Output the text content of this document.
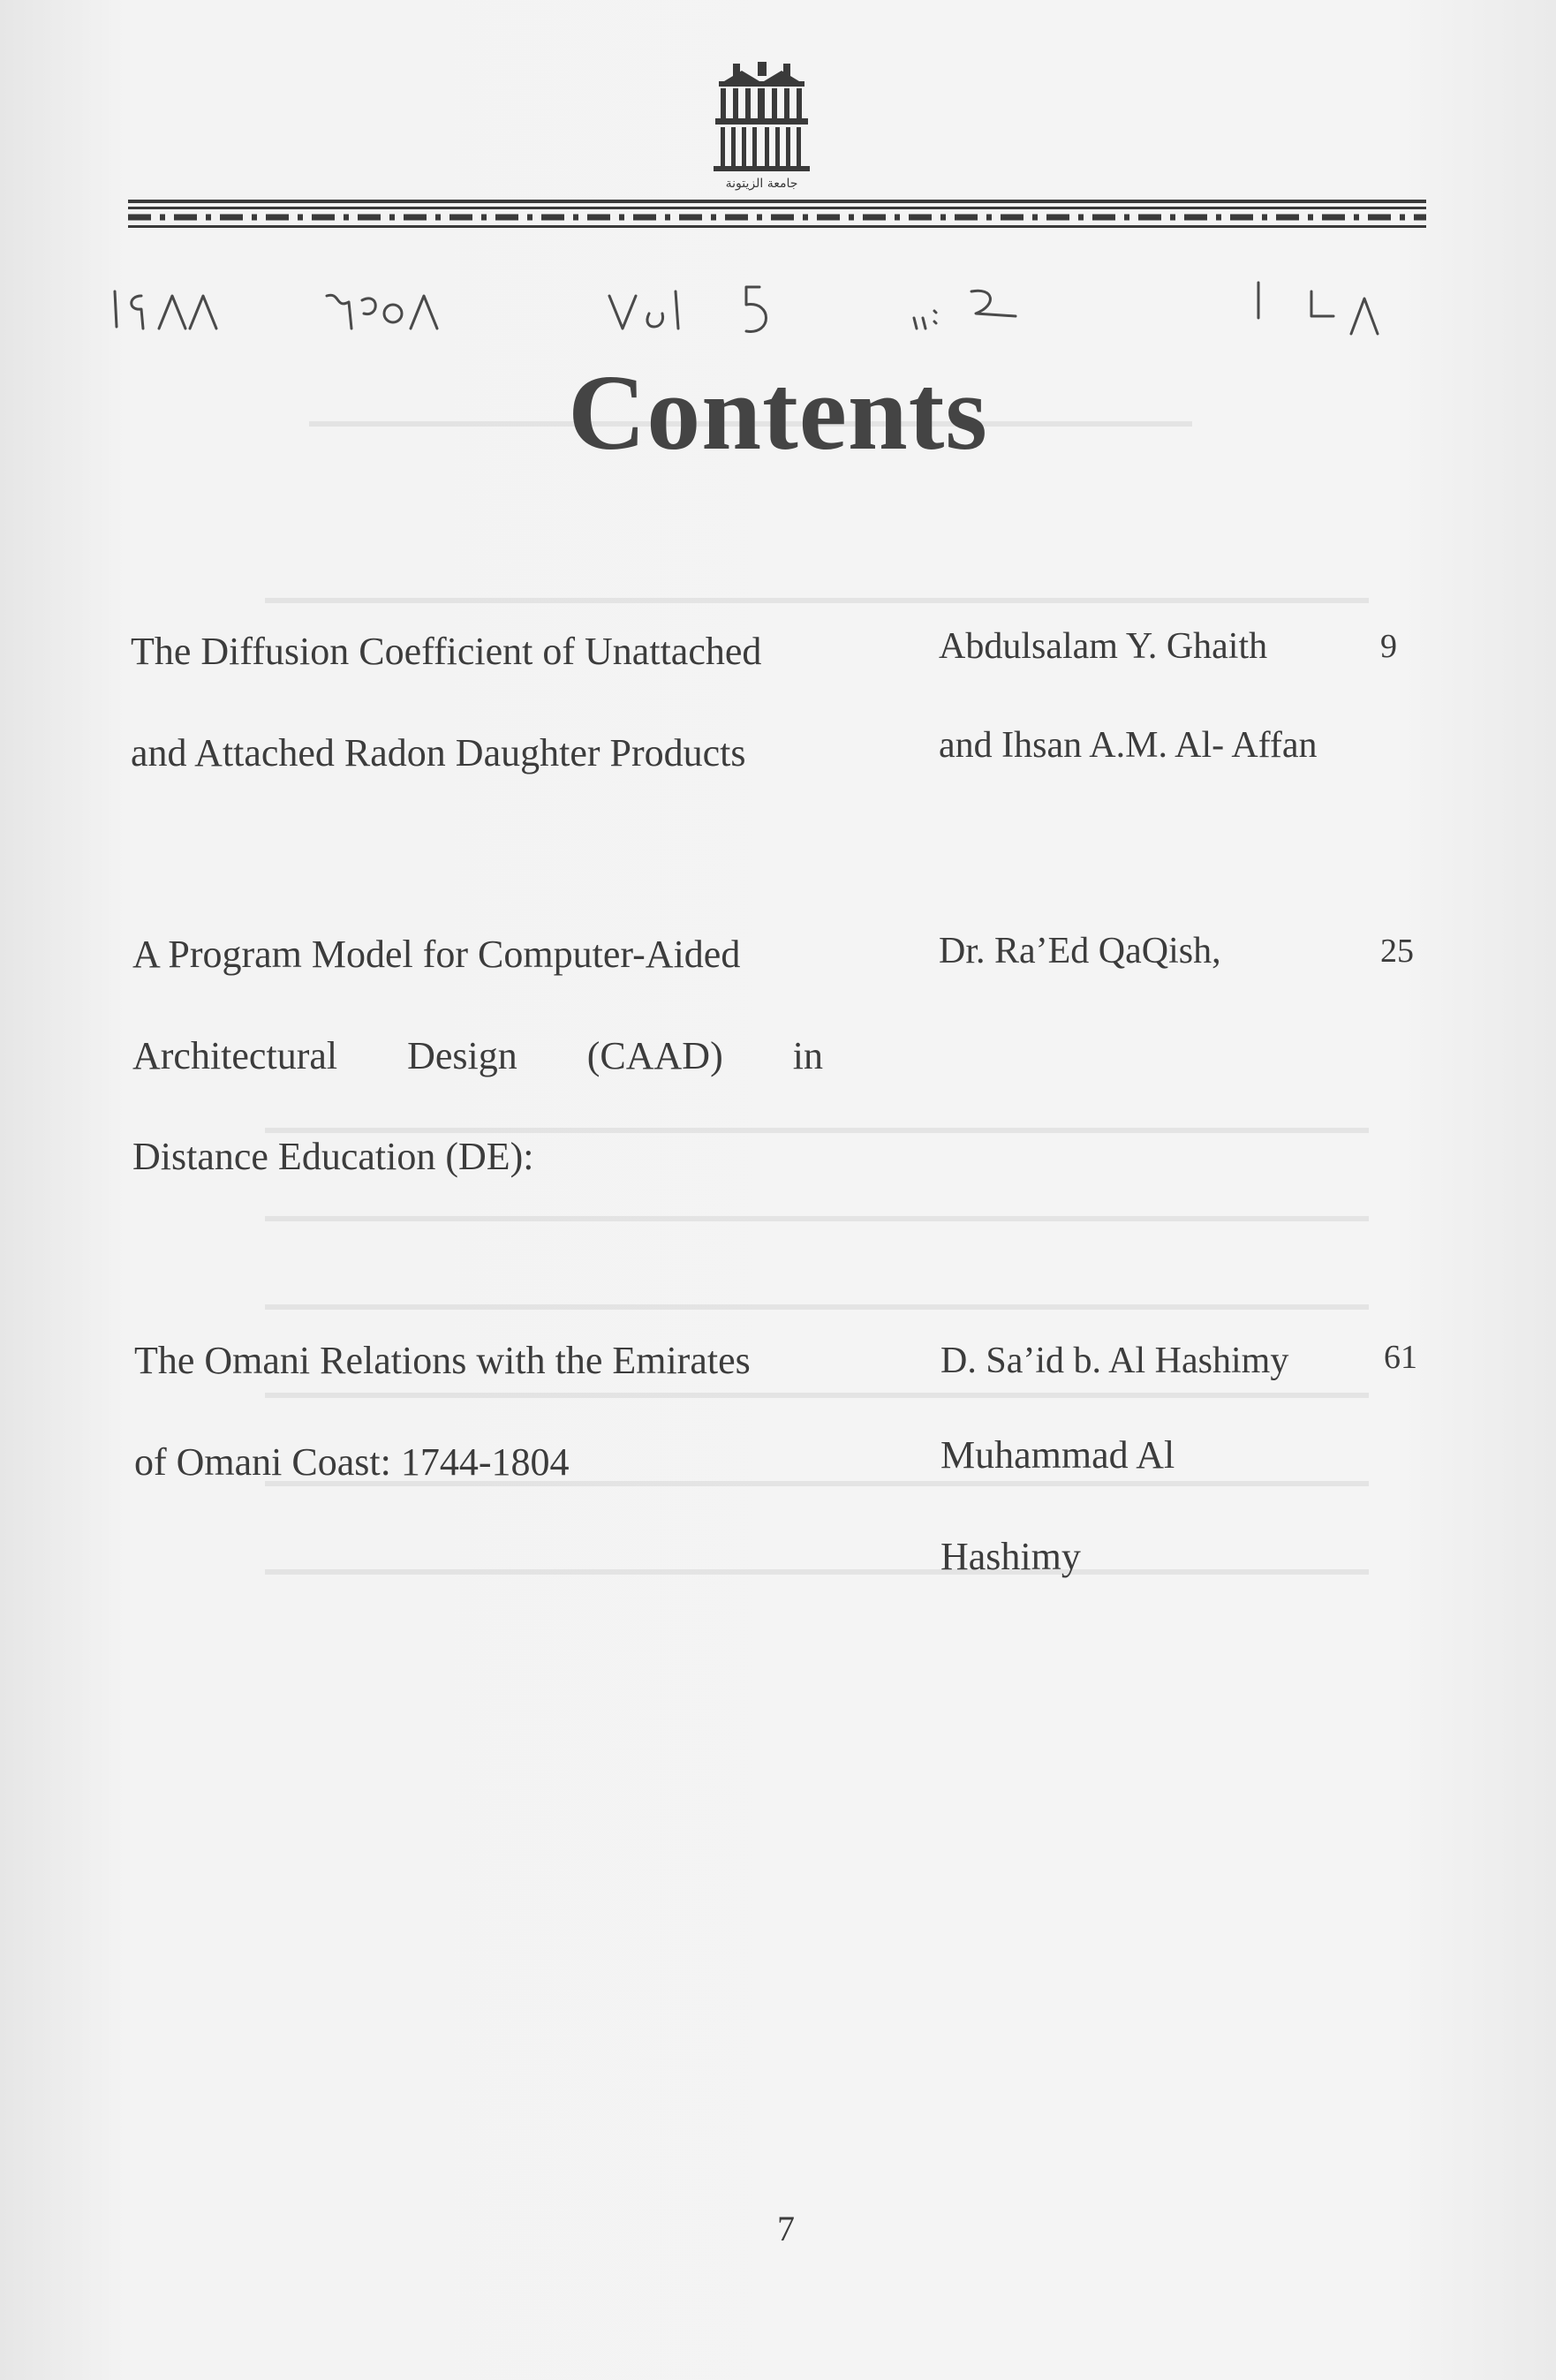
جامعة الزيتونة
Contents
The Diffusion Coefficient of Unattached
and Attached Radon Daughter Products
Abdulsalam Y. Ghaith
and Ihsan A.M. Al- Affan
9
A Program Model for Computer-Aided
Architectural Design (CAAD) in
Distance Education (DE):
Dr. Ra’Ed QaQish,	25
The Omani Relations with the Emirates
of Omani Coast: 1744-1804
D. Sa’id b. Al Hashimy
Muhammad Al
Hashimy
61
7
